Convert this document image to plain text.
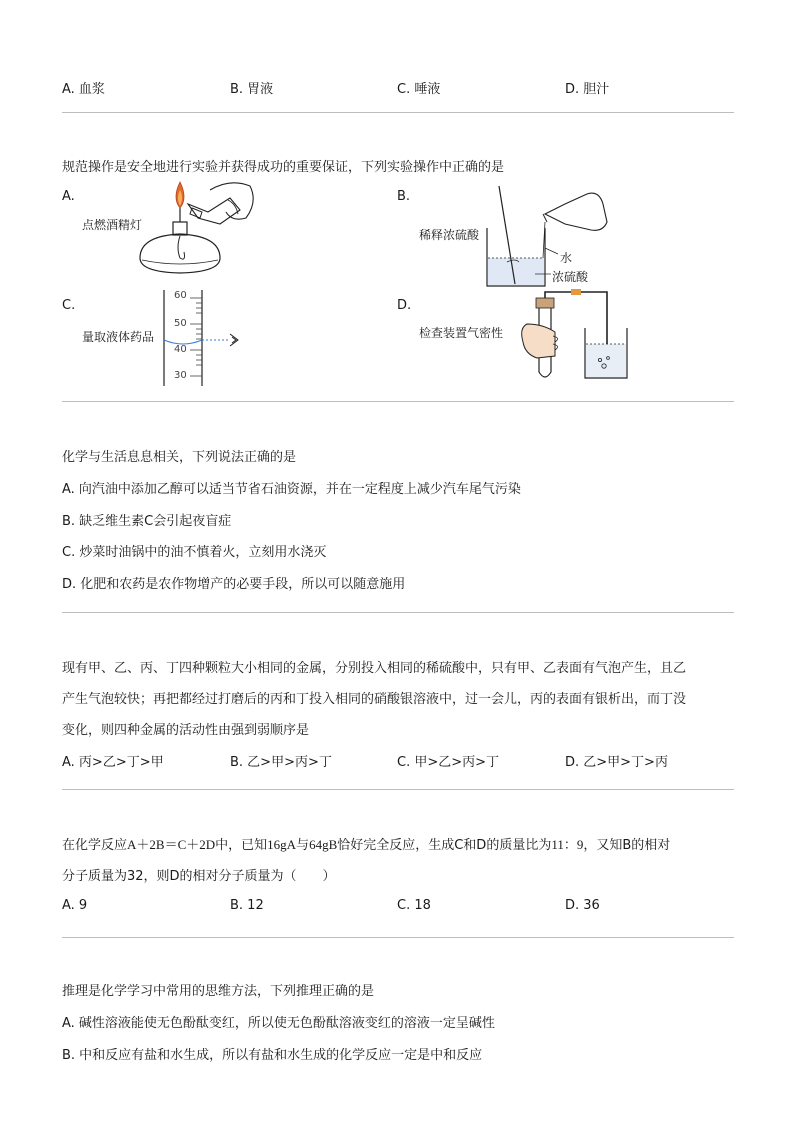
A. 血浆	B. 胃液	C. 唾液	D. 胆汁
规范操作是安全地进行实验并获得成功的重要保证，下列实验操作中正确的是
A.	B.
C.	D.
点燃酒精灯
稀释浓硫酸
水
浓硫酸
量取液体药品
60
50
40
30
检查装置气密性
化学与生活息息相关，下列说法正确的是
A. 向汽油中添加乙醇可以适当节省石油资源，并在一定程度上减少汽车尾气污染
B. 缺乏维生素C会引起夜盲症
C. 炒菜时油锅中的油不慎着火，立刻用水浇灭
D. 化肥和农药是农作物增产的必要手段，所以可以随意施用
现有甲、乙、丙、丁四种颗粒大小相同的金属，分别投入相同的稀硫酸中，只有甲、乙表面有气泡产生，且乙
产生气泡较快；再把都经过打磨后的丙和丁投入相同的硝酸银溶液中，过一会儿，丙的表面有银析出，而丁没
变化，则四种金属的活动性由强到弱顺序是
A. 丙>乙>丁>甲	B. 乙>甲>丙>丁	C. 甲>乙>丙>丁	D. 乙>甲>丁>丙
在化学反应A＋2B＝C＋2D中，已知16gA与64gB恰好完全反应，生成C和D的质量比为11：9，又知B的相对
分子质量为32，则D的相对分子质量为（　　）
A. 9	B. 12	C. 18	D. 36
推理是化学学习中常用的思维方法，下列推理正确的是
A. 碱性溶液能使无色酚酞变红，所以使无色酚酞溶液变红的溶液一定呈碱性
B. 中和反应有盐和水生成，所以有盐和水生成的化学反应一定是中和反应
